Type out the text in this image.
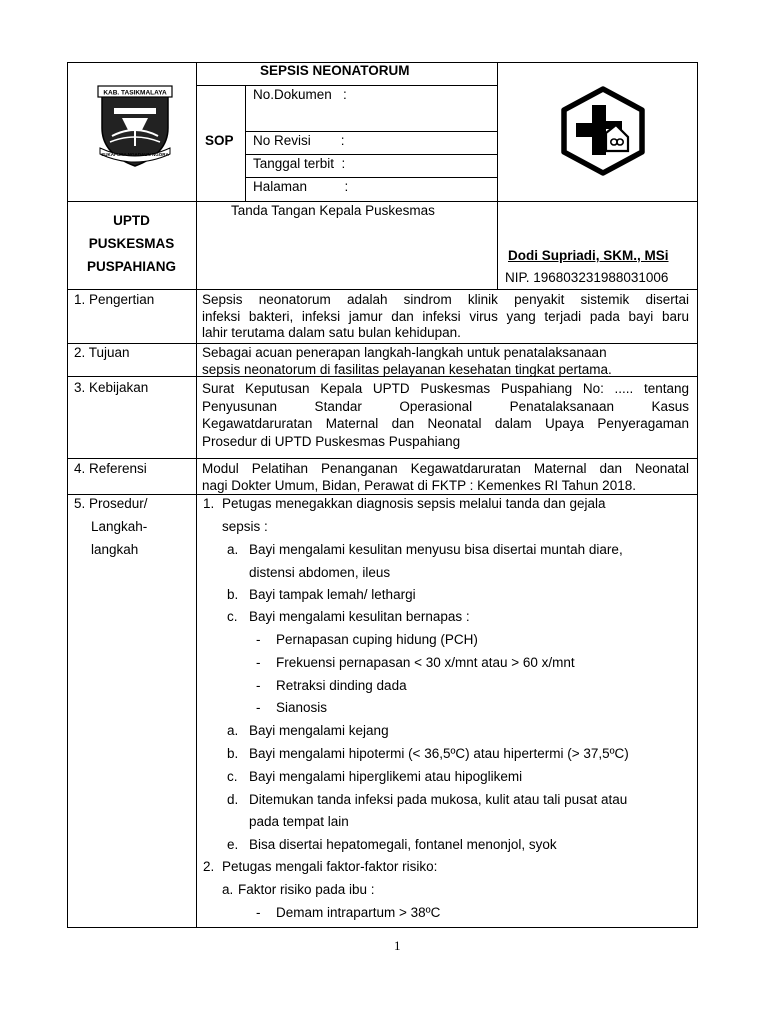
KAB. TASIKMALAYA
SUKAPURA NGADAUN NGORA
SEPSIS NEONATORUM
SOP
No.Dokumen   :
No Revisi        :
Tanggal terbit  :
Halaman          :
UPTD
PUSKESMAS
PUSPAHIANG
Tanda Tangan Kepala Puskesmas
Dodi Supriadi, SKM., MSi
NIP. 196803231988031006
1. Pengertian	Sepsis neonatorum adalah sindrom klinik penyakit sistemik disertai
infeksi bakteri, infeksi jamur dan infeksi virus yang terjadi pada bayi baru
lahir terutama dalam satu bulan kehidupan.
2. Tujuan	Sebagai acuan penerapan langkah-langkah untuk penatalaksanaan
sepsis neonatorum di fasilitas pelayanan kesehatan tingkat pertama.
3. Kebijakan	Surat Keputusan Kepala UPTD Puskesmas Puspahiang No: ..... tentang
Penyusunan Standar Operasional Penatalaksanaan Kasus
Kegawatdaruratan Maternal dan Neonatal dalam Upaya Penyeragaman
Prosedur di UPTD Puskesmas Puspahiang
4. Referensi	Modul Pelatihan Penanganan Kegawatdaruratan Maternal dan Neonatal
nagi Dokter Umum, Bidan, Perawat di FKTP : Kemenkes RI Tahun 2018.
5. Prosedur/
Langkah-
langkah
1. Petugas menegakkan diagnosis sepsis melalui tanda dan gejala
sepsis :
a. Bayi mengalami kesulitan menyusu bisa disertai muntah diare,
distensi abdomen, ileus
b. Bayi tampak lemah/ lethargi
c. Bayi mengalami kesulitan bernapas :
- Pernapasan cuping hidung (PCH)
- Frekuensi pernapasan < 30 x/mnt atau > 60 x/mnt
- Retraksi dinding dada
- Sianosis
a. Bayi mengalami kejang
b. Bayi mengalami hipotermi (< 36,5ºC) atau hipertermi (> 37,5ºC)
c. Bayi mengalami hiperglikemi atau hipoglikemi
d. Ditemukan tanda infeksi pada mukosa, kulit atau tali pusat atau
pada tempat lain
e. Bisa disertai hepatomegali, fontanel menonjol, syok
2. Petugas mengali faktor-faktor risiko:
a. Faktor risiko pada ibu :
- Demam intrapartum > 38ºC
1
